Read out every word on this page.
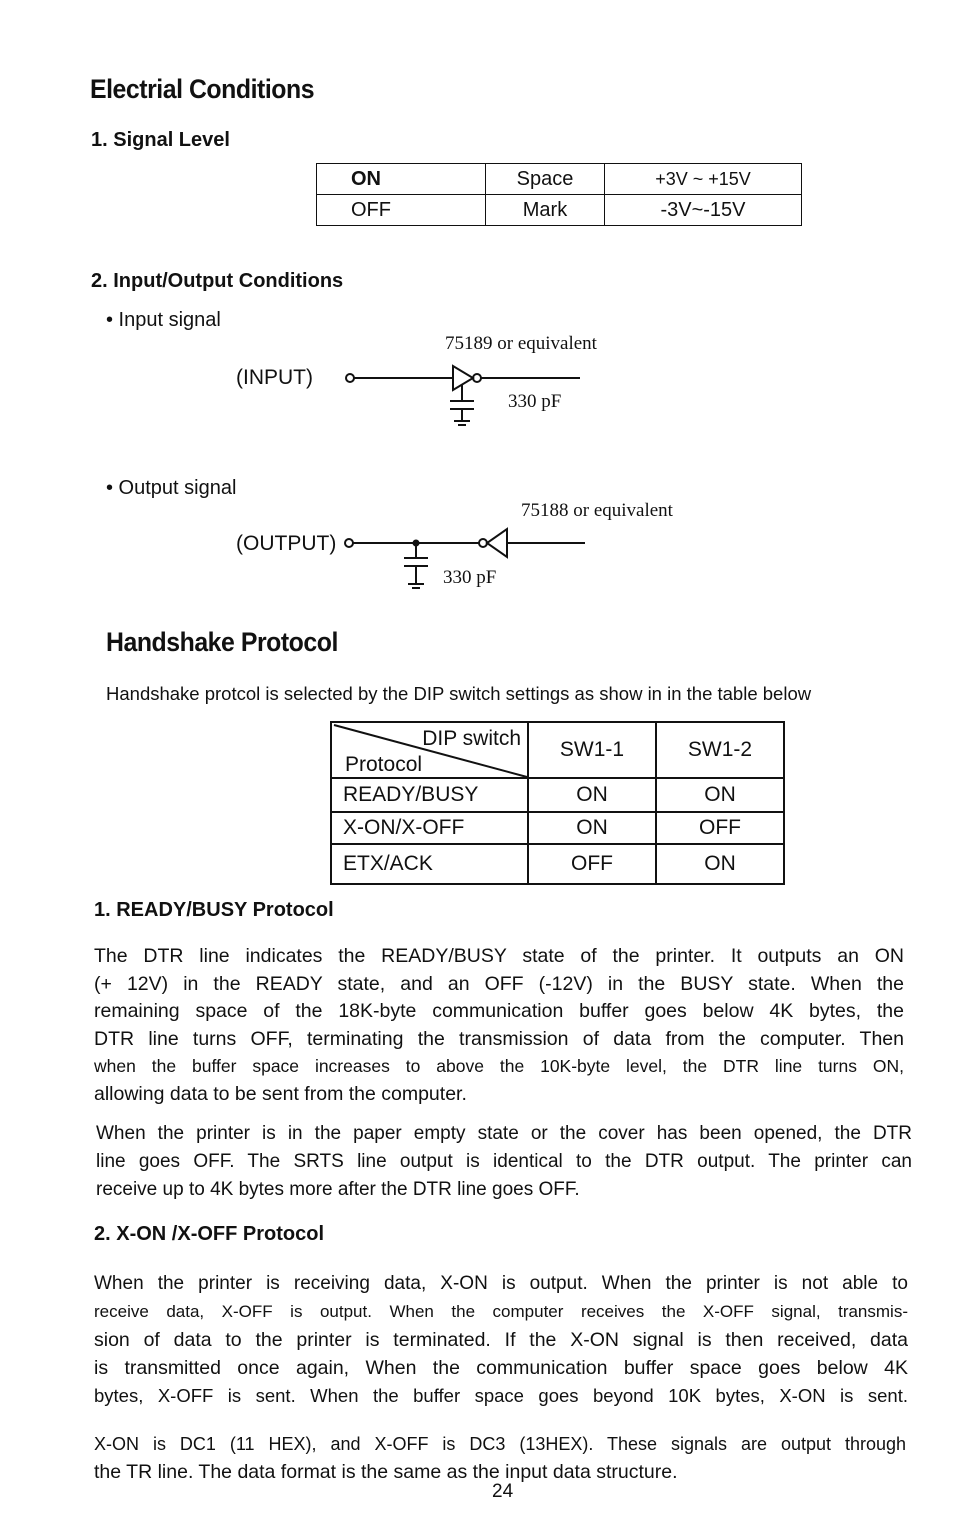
Electrial Conditions
1. Signal Level
ON	Space	+3V ~ +15V
OFF	Mark	-3V~-15V
2. Input/Output Conditions
• Input signal
(INPUT)
75189 or equivalent
330 pF
• Output signal
(OUTPUT)
75188 or equivalent
330 pF
Handshake Protocol
Handshake protcol is selected by the DIP switch settings as show in in the table below
DIP switch
Protocol	SW1-1	SW1-2
READY/BUSY	ON	ON
X-ON/X-OFF	ON	OFF
ETX/ACK	OFF	ON
1. READY/BUSY Protocol
The DTR line indicates the READY/BUSY state of the printer. It outputs an ON
(+ 12V) in the READY state, and an OFF (-12V) in the BUSY state. When the
remaining space of the 18K-byte communication buffer goes below 4K bytes, the
DTR line turns OFF, terminating the transmission of data from the computer. Then
when the buffer space increases to above the 10K-byte level, the DTR line turns ON,
allowing data to be sent from the computer.
When the printer is in the paper empty state or the cover has been opened, the DTR
line goes OFF. The SRTS line output is identical to the DTR output. The printer can
receive up to 4K bytes more after the DTR line goes OFF.
2. X-ON /X-OFF Protocol
When the printer is receiving data, X-ON is output. When the printer is not able to
receive data, X-OFF is output. When the computer receives the X-OFF signal, transmis-
sion of data to the printer is terminated. If the X-ON signal is then received, data
is transmitted once again, When the communication buffer space goes below 4K
bytes, X-OFF is sent. When the buffer space goes beyond 10K bytes, X-ON is sent.
X-ON is DC1 (11 HEX), and X-OFF is DC3 (13HEX). These signals are output through
the TR line. The data format is the same as the input data structure.
24
